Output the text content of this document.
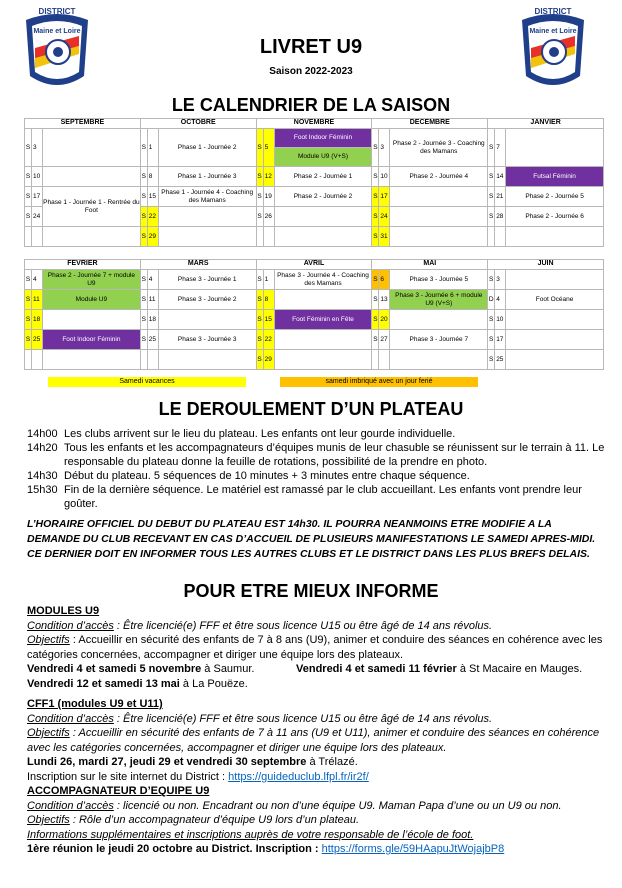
DISTRICT
Maine et Loire
DISTRICT
Maine et Loire
LIVRET U9
Saison 2022-2023
LE CALENDRIER DE LA SAISON
SEPTEMBRE			OCTOBRE			NOVEMBRE			DECEMBRE			JANVIER		
S	3		S	1	Phase 1 - Journée 2	S	5	Foot Indoor Féminin	S	3	Phase 2 - Journée 3 - Coaching des Mamans	S	7	
								Module U9 (V+S)						
S	10		S	8	Phase 1 - Journée 3	S	12	Phase 2 - Journée 1	S	10	Phase 2 - Journée 4	S	14	Futsal Féminin
S	17	Phase 1 - Journée 1 - Rentrée du Foot	S	15	Phase 1 - Journée 4 - Coaching des Mamans	S	19	Phase 2 - Journée 2	S	17		S	21	Phase 2 - Journée 5
S	24		S	22		S	26		S	24		S	28	Phase 2 - Journée 6
			S	29					S	31				
FEVRIER			MARS			AVRIL			MAI			JUIN		
S	4	Phase 2 - Journée 7 + module U9	S	4	Phase 3 - Journée 1	S	1	Phase 3 - Journée 4 - Coaching des Mamans	S	6	Phase 3 - Journée 5	S	3	
S	11	Module U9	S	11	Phase 3 - Journée 2	S	8		S	13	Phase 3 - Journée 6 + module U9 (V+S)	D	4	Foot Océane
S	18		S	18		S	15	Foot Féminin en Fête	S	20		S	10	
S	25	Foot Indoor Féminin	S	25	Phase 3 - Journée 3	S	22		S	27	Phase 3 - Journée 7	S	17	
						S	29					S	25	
Samedi vacances	samedi imbriqué avec un jour ferié
LE DEROULEMENT D’UN PLATEAU
14h00 Les clubs arrivent sur le lieu du plateau. Les enfants ont leur gourde individuelle.
14h20 Tous les enfants et les accompagnateurs d’équipes munis de leur chasuble se réunissent sur le terrain à 11. Le responsable du plateau donne la feuille de rotations, possibilité de la prendre en photo.
14h30 Début du plateau. 5 séquences de 10 minutes + 3 minutes entre chaque séquence.
15h30 Fin de la dernière séquence. Le matériel est ramassé par le club accueillant. Les enfants vont prendre leur goûter.
L’HORAIRE OFFICIEL DU DEBUT DU PLATEAU EST 14h30. IL POURRA NEANMOINS ETRE MODIFIE A LA DEMANDE DU CLUB RECEVANT EN CAS D’ACCUEIL DE PLUSIEURS MANIFESTATIONS LE SAMEDI APRES-MIDI. CE DERNIER DOIT EN INFORMER TOUS LES AUTRES CLUBS ET LE DISTRICT DANS LES PLUS BREFS DELAIS.
POUR ETRE MIEUX INFORME

MODULES U9

Condition d’accès : Être licencié(e) FFF et être sous licence U15 ou être âgé de 14 ans révolus.

Objectifs : Accueillir en sécurité des enfants de 7 à 8 ans (U9), animer et conduire des séances en cohérence avec les catégories concernées, accompagner et diriger une équipe lors des plateaux.

Vendredi 4 et samedi 5 novembre à Saumur.	Vendredi 4 et samedi 11 février à St Macaire en Mauges.

Vendredi 12 et samedi 13 mai à La Pouëze.

CFF1 (modules U9 et U11)

Condition d’accès : Être licencié(e) FFF et être sous licence U15 ou être âgé de 14 ans révolus.

Objectifs : Accueillir en sécurité des enfants de 7 à 11 ans (U9 et U11), animer et conduire des séances en cohérence avec les catégories concernées, accompagner et diriger une équipe lors des plateaux.

Lundi 26, mardi 27, jeudi 29 et vendredi 30 septembre à Trélazé.

Inscription sur le site internet du District : https://guideduclub.lfpl.fr/ir2f/

ACCOMPAGNATEUR D’EQUIPE U9

Condition d’accès : licencié ou non. Encadrant ou non d’une équipe U9. Maman Papa d’une ou un U9 ou non.

Objectifs : Rôle d’un accompagnateur d’équipe U9 lors d’un plateau.

Informations supplémentaires et inscriptions auprès de votre responsable de l’école de foot.

1ère réunion le jeudi 20 octobre au District. Inscription : https://forms.gle/59HAapuJtWojajbP8
